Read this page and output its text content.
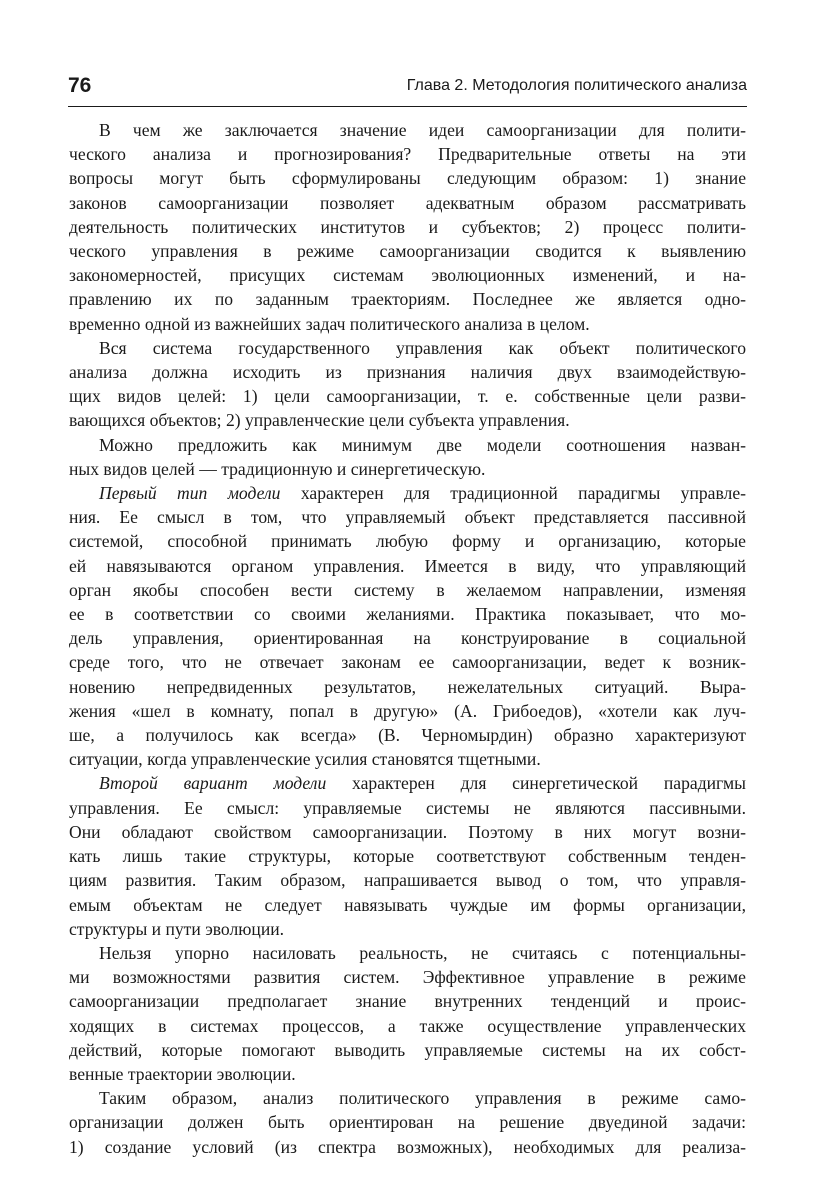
76	Глава 2. Методология политического анализа

В чем же заключается значение идеи самоорганизации для полити-
ческого анализа и прогнозирования? Предварительные ответы на эти
вопросы могут быть сформулированы следующим образом: 1) знание
законов самоорганизации позволяет адекватным образом рассматривать
деятельность политических институтов и субъектов; 2) процесс полити-
ческого управления в режиме самоорганизации сводится к выявлению
закономерностей, присущих системам эволюционных изменений, и на-
правлению их по заданным траекториям. Последнее же является одно-
временно одной из важнейших задач политического анализа в целом.

Вся система государственного управления как объект политического
анализа должна исходить из признания наличия двух взаимодействую-
щих видов целей: 1) цели самоорганизации, т. е. собственные цели разви-
вающихся объектов; 2) управленческие цели субъекта управления.

Можно предложить как минимум две модели соотношения назван-
ных видов целей — традиционную и синергетическую.

Первый тип модели характерен для традиционной парадигмы управле-
ния. Ее смысл в том, что управляемый объект представляется пассивной
системой, способной принимать любую форму и организацию, которые
ей навязываются органом управления. Имеется в виду, что управляющий
орган якобы способен вести систему в желаемом направлении, изменяя
ее в соответствии со своими желаниями. Практика показывает, что мо-
дель управления, ориентированная на конструирование в социальной
среде того, что не отвечает законам ее самоорганизации, ведет к возник-
новению непредвиденных результатов, нежелательных ситуаций. Выра-
жения «шел в комнату, попал в другую» (А. Грибоедов), «хотели как луч-
ше, а получилось как всегда» (В. Черномырдин) образно характеризуют
ситуации, когда управленческие усилия становятся тщетными.

Второй вариант модели характерен для синергетической парадигмы
управления. Ее смысл: управляемые системы не являются пассивными.
Они обладают свойством самоорганизации. Поэтому в них могут возни-
кать лишь такие структуры, которые соответствуют собственным тенден-
циям развития. Таким образом, напрашивается вывод о том, что управля-
емым объектам не следует навязывать чуждые им формы организации,
структуры и пути эволюции.

Нельзя упорно насиловать реальность, не считаясь с потенциальны-
ми возможностями развития систем. Эффективное управление в режиме
самоорганизации предполагает знание внутренних тенденций и проис-
ходящих в системах процессов, а также осуществление управленческих
действий, которые помогают выводить управляемые системы на их собст-
венные траектории эволюции.

Таким образом, анализ политического управления в режиме само-
организации должен быть ориентирован на решение двуединой задачи:
1) создание условий (из спектра возможных), необходимых для реализа-
